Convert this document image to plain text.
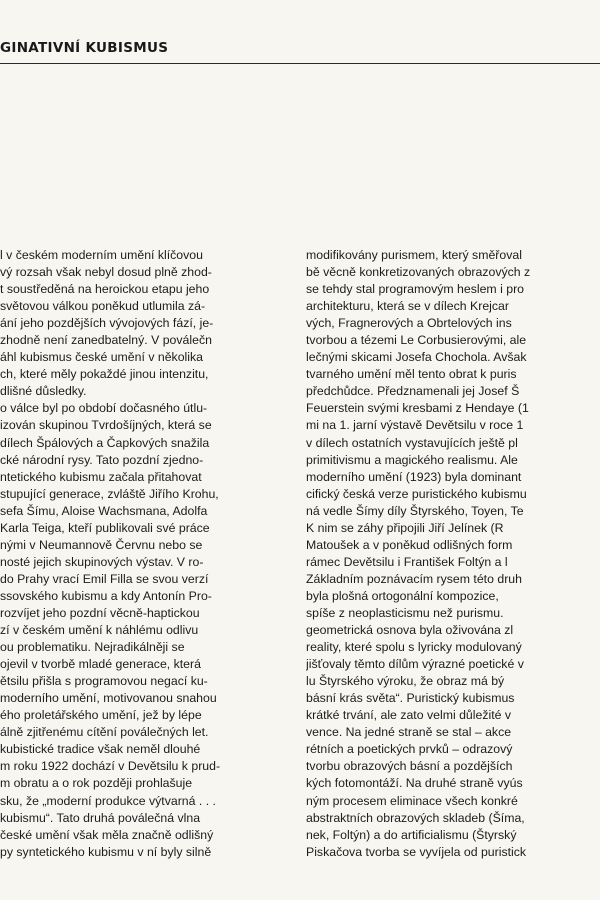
GINATIVNÍ KUBISMUS
l v českém moderním umění klíčovou
vý rozsah však nebyl dosud plně zhod-
t soustředěná na heroickou etapu jeho
světovou válkou poněkud utlumila zá-
ání jeho pozdějších vývojových fází, je-
zhodně není zanedbatelný. V poválečn
áhl kubismus české umění v několika
ch, které měly pokaždé jinou intenzitu,
dlišné důsledky.
o válce byl po období dočasného útlu-
izován skupinou Tvrdošíjných, která se
dílech Špálových a Čapkových snažila
cké národní rysy. Tato pozdní zjedno-
ntetického kubismu začala přitahovat
stupující generace, zvláště Jiřího Krohu,
sefa Šímu, Aloise Wachsmana, Adolfa
Karla Teiga, kteří publikovali své práce
nými v Neumannově Červnu nebo se
nosté jejich skupinových výstav. V ro-
do Prahy vrací Emil Filla se svou verzí
ssovského kubismu a kdy Antonín Pro-
rozvíjet jeho pozdní věcně-haptickou
zí v českém umění k náhlému odlivu
ou problematiku. Nejradikálněji se
ojevil v tvorbě mladé generace, která
ětsilu přišla s programovou negací ku-
moderního umění, motivovanou snahou
ého proletářského umění, jež by lépe
álně zjitřenému cítění poválečných let.
kubistické tradice však neměl dlouhé
m roku 1922 dochází v Devětsilu k prud-
m obratu a o rok později prohlašuje
sku, že „moderní produkce výtvarná . . .
kubismu“. Tato druhá poválečná vlna
české umění však měla značně odlišný
py syntetického kubismu v ní byly silně
modifikovány purismem, který směřoval
bě věcně konkretizovaných obrazových z
se tehdy stal programovým heslem i pro
architekturu, která se v dílech Krejcar
vých, Fragnerových a Obrtelových ins
tvorbou a tézemi Le Corbusierovými, ale
lečnými skicami Josefa Chochola. Avšak
tvarného umění měl tento obrat k puris
předchůdce. Předznamenali jej Josef Š
Feuerstein svými kresbami z Hendaye (1
mi na 1. jarní výstavě Devětsilu v roce 1
v dílech ostatních vystavujících ještě pl
primitivismu a magického realismu. Ale
moderního umění (1923) byla dominant
cifický česká verze puristického kubismu
ná vedle Šímy díly Štyrského, Toyen, Te
K nim se záhy připojili Jiří Jelínek (R
Matoušek a v poněkud odlišných form
rámec Devětsilu i František Foltýn a l
Základním poznávacím rysem této druh
byla plošná ortogonální kompozice,
spíše z neoplasticismu než purismu.
geometrická osnova byla oživována zl
reality, které spolu s lyricky modulovaný
jišťovaly těmto dílům výrazné poetické v
lu Štyrského výroku, že obraz má bý
básní krás světa“. Puristický kubismus
krátké trvání, ale zato velmi důležité v
vence. Na jedné straně se stal – akce
rétních a poetických prvků – odrazový
tvorbu obrazových básní a pozdějších
kých fotomontáží. Na druhé straně vyús
ným procesem eliminace všech konkré
abstraktních obrazových skladeb (Šíma,
nek, Foltýn) a do artificialismu (Štyrský
Piskačova tvorba se vyvíjela od puristick
